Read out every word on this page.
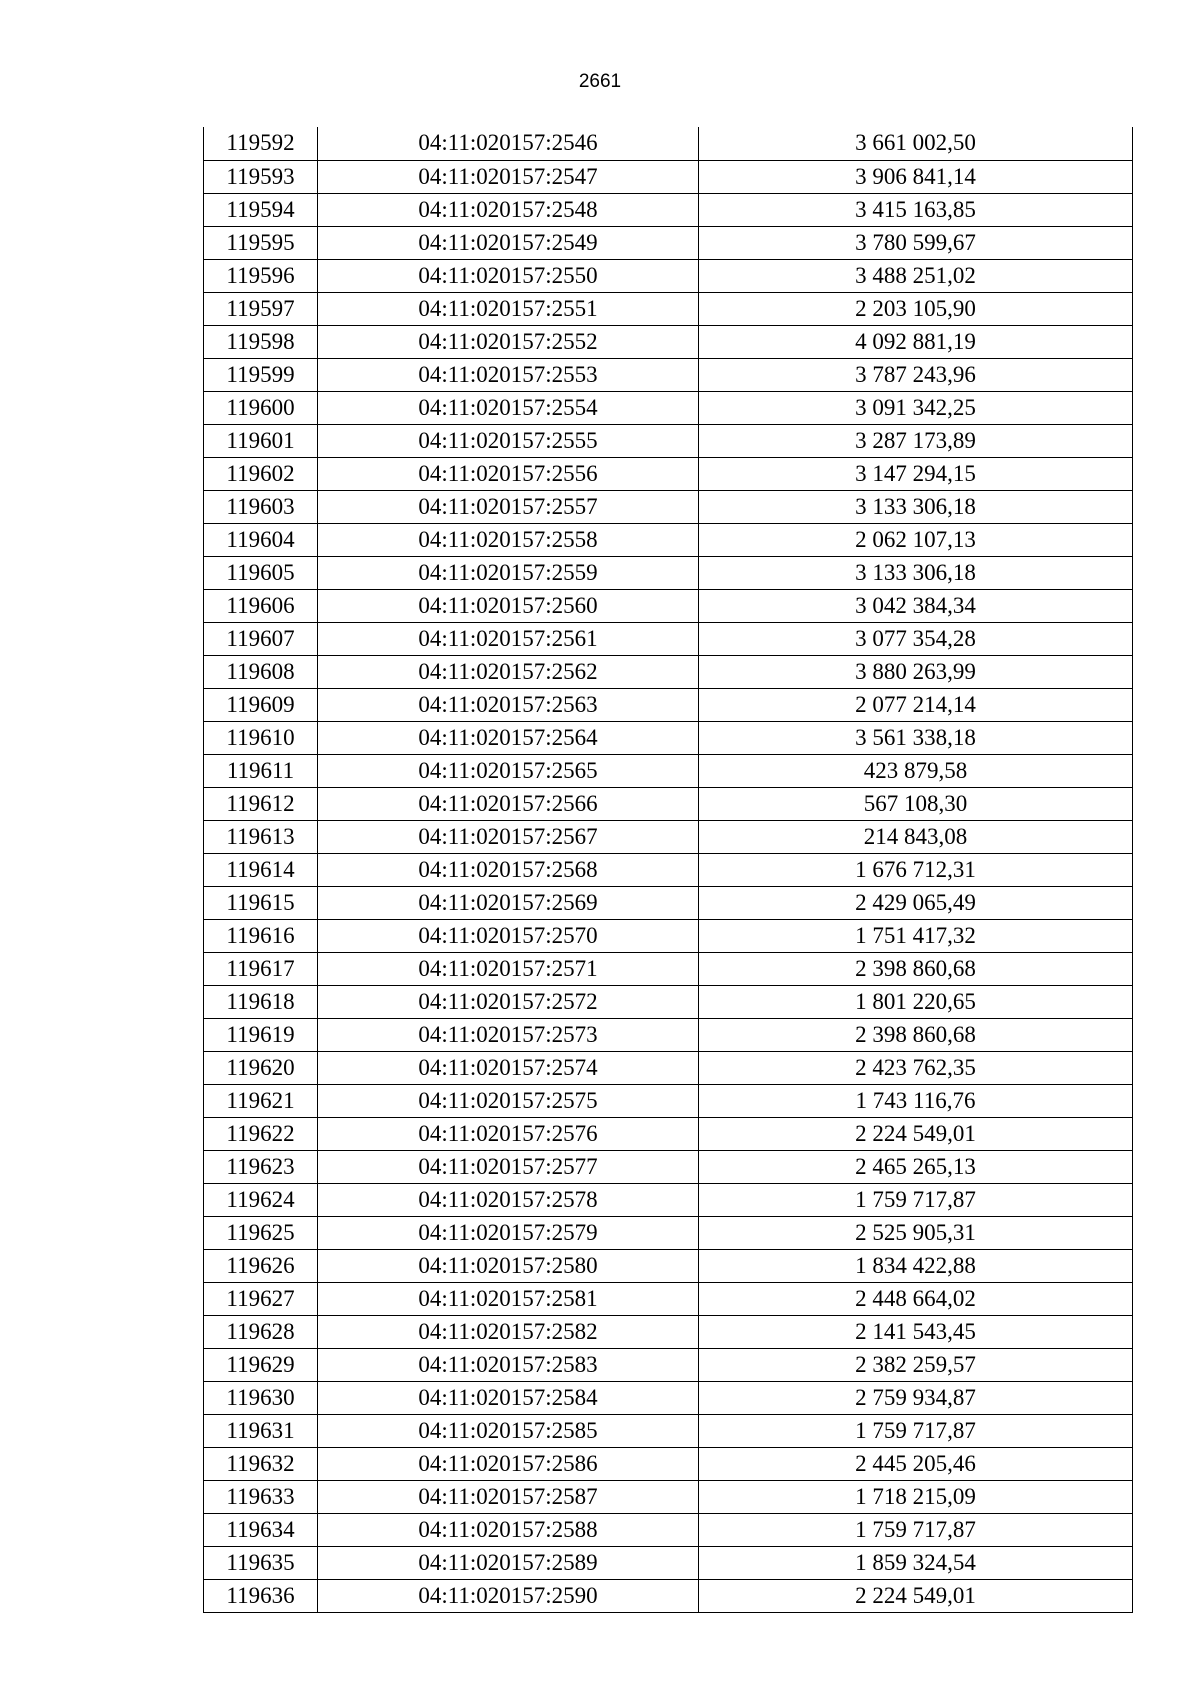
2661
119592	04:11:020157:2546	3 661 002,50
119593	04:11:020157:2547	3 906 841,14
119594	04:11:020157:2548	3 415 163,85
119595	04:11:020157:2549	3 780 599,67
119596	04:11:020157:2550	3 488 251,02
119597	04:11:020157:2551	2 203 105,90
119598	04:11:020157:2552	4 092 881,19
119599	04:11:020157:2553	3 787 243,96
119600	04:11:020157:2554	3 091 342,25
119601	04:11:020157:2555	3 287 173,89
119602	04:11:020157:2556	3 147 294,15
119603	04:11:020157:2557	3 133 306,18
119604	04:11:020157:2558	2 062 107,13
119605	04:11:020157:2559	3 133 306,18
119606	04:11:020157:2560	3 042 384,34
119607	04:11:020157:2561	3 077 354,28
119608	04:11:020157:2562	3 880 263,99
119609	04:11:020157:2563	2 077 214,14
119610	04:11:020157:2564	3 561 338,18
119611	04:11:020157:2565	423 879,58
119612	04:11:020157:2566	567 108,30
119613	04:11:020157:2567	214 843,08
119614	04:11:020157:2568	1 676 712,31
119615	04:11:020157:2569	2 429 065,49
119616	04:11:020157:2570	1 751 417,32
119617	04:11:020157:2571	2 398 860,68
119618	04:11:020157:2572	1 801 220,65
119619	04:11:020157:2573	2 398 860,68
119620	04:11:020157:2574	2 423 762,35
119621	04:11:020157:2575	1 743 116,76
119622	04:11:020157:2576	2 224 549,01
119623	04:11:020157:2577	2 465 265,13
119624	04:11:020157:2578	1 759 717,87
119625	04:11:020157:2579	2 525 905,31
119626	04:11:020157:2580	1 834 422,88
119627	04:11:020157:2581	2 448 664,02
119628	04:11:020157:2582	2 141 543,45
119629	04:11:020157:2583	2 382 259,57
119630	04:11:020157:2584	2 759 934,87
119631	04:11:020157:2585	1 759 717,87
119632	04:11:020157:2586	2 445 205,46
119633	04:11:020157:2587	1 718 215,09
119634	04:11:020157:2588	1 759 717,87
119635	04:11:020157:2589	1 859 324,54
119636	04:11:020157:2590	2 224 549,01
